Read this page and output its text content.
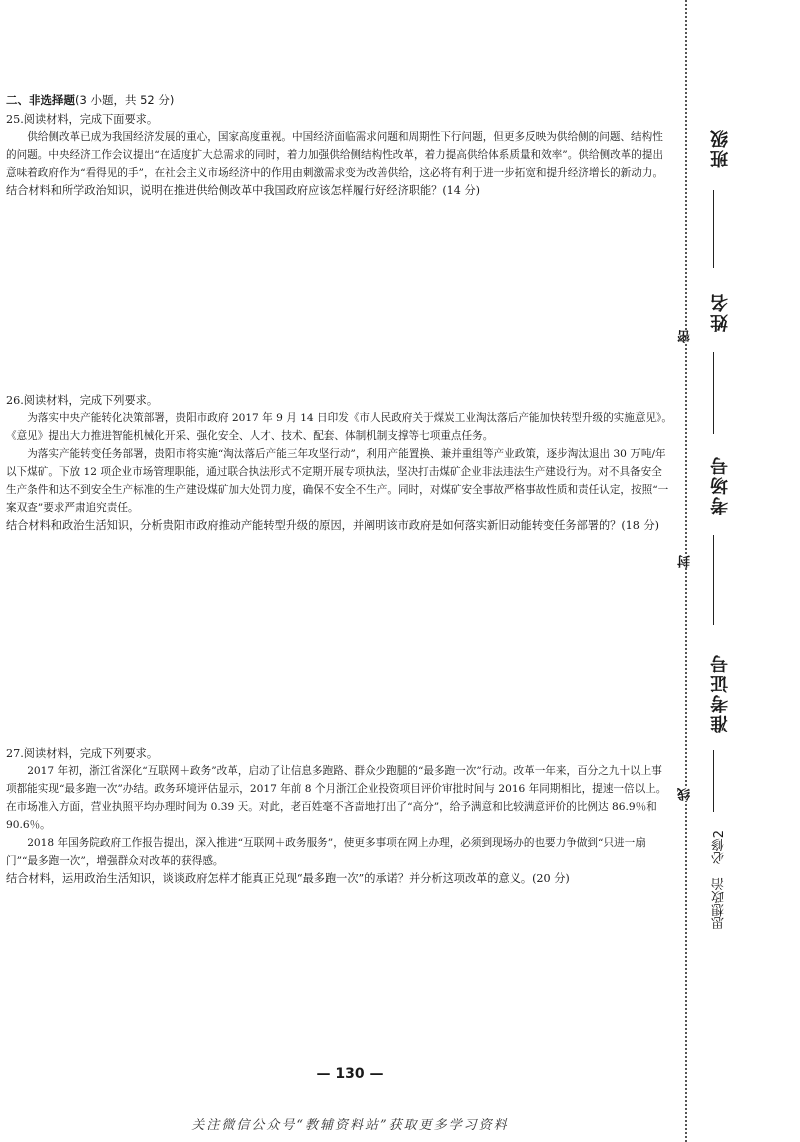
二、非选择题(3 小题，共 52 分)

25.阅读材料，完成下面要求。

供给侧改革已成为我国经济发展的重心，国家高度重视。中国经济面临需求问题和周期性下行问题，但更多反映为供给侧的问题、结构性的问题。中央经济工作会议提出“在适度扩大总需求的同时，着力加强供给侧结构性改革，着力提高供给体系质量和效率”。供给侧改革的提出意味着政府作为“看得见的手”，在社会主义市场经济中的作用由刺激需求变为改善供给，这必将有利于进一步拓宽和提升经济增长的新动力。

结合材料和所学政治知识，说明在推进供给侧改革中我国政府应该怎样履行好经济职能？(14 分)

26.阅读材料，完成下列要求。

为落实中央产能转化决策部署，贵阳市政府 2017 年 9 月 14 日印发《市人民政府关于煤炭工业淘汰落后产能加快转型升级的实施意见》。《意见》提出大力推进智能机械化开采、强化安全、人才、技术、配套、体制机制支撑等七项重点任务。

为落实产能转变任务部署，贵阳市将实施“淘汰落后产能三年攻坚行动”，利用产能置换、兼并重组等产业政策，逐步淘汰退出 30 万吨/年以下煤矿。下放 12 项企业市场管理职能，通过联合执法形式不定期开展专项执法，坚决打击煤矿企业非法违法生产建设行为。对不具备安全生产条件和达不到安全生产标准的生产建设煤矿加大处罚力度，确保不安全不生产。同时，对煤矿安全事故严格事故性质和责任认定，按照“一案双查”要求严肃追究责任。

结合材料和政治生活知识，分析贵阳市政府推动产能转型升级的原因，并阐明该市政府是如何落实新旧动能转变任务部署的？(18 分)

27.阅读材料，完成下列要求。

2017 年初，浙江省深化“互联网＋政务”改革，启动了让信息多跑路、群众少跑腿的“最多跑一次”行动。改革一年来，百分之九十以上事项都能实现“最多跑一次”办结。政务环境评估显示，2017 年前 8 个月浙江企业投资项目评价审批时间与 2016 年同期相比，提速一倍以上。在市场准入方面，营业执照平均办理时间为 0.39 天。对此，老百姓毫不吝啬地打出了“高分”，给予满意和比较满意评价的比例达 86.9％和 90.6％。

2018 年国务院政府工作报告提出，深入推进“互联网＋政务服务”，使更多事项在网上办理，必须到现场办的也要力争做到“只进一扇门”“最多跑一次”，增强群众对改革的获得感。

结合材料，运用政治生活知识，谈谈政府怎样才能真正兑现“最多跑一次”的承诺？并分析这项改革的意义。(20 分)

— 130 —
关注微信公众号“教辅资料站”获取更多学习资料
班级
姓名
考场号
准考证号
密
封
线
思想政治　必修2
